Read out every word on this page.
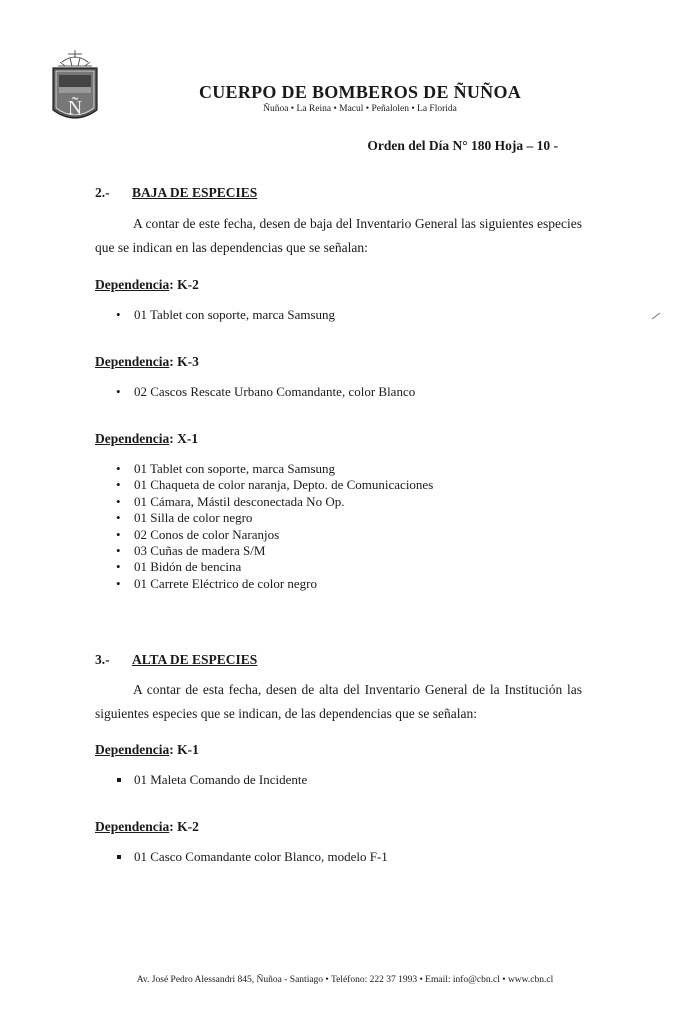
Ñ
CUERPO DE BOMBEROS DE ÑUÑOA
Ñuñoa • La Reina • Macul • Peñalolen • La Florida
Orden del Día N° 180 Hoja – 10 -
2.- BAJA DE ESPECIES
A contar de este fecha, desen de baja del Inventario General las siguientes especies que se indican en las dependencias que se señalan:
Dependencia: K-2
• 01 Tablet con soporte, marca Samsung
Dependencia: K-3
• 02 Cascos Rescate Urbano Comandante, color Blanco
Dependencia: X-1
• 01 Tablet con soporte, marca Samsung
• 01 Chaqueta de color naranja, Depto. de Comunicaciones
• 01 Cámara, Mástil desconectada No Op.
• 01 Silla de color negro
• 02 Conos de color Naranjos
• 03 Cuñas de madera S/M
• 01 Bidón de bencina
• 01 Carrete Eléctrico de color negro
3.- ALTA DE ESPECIES
A contar de esta fecha, desen de alta del Inventario General de la Institución las siguientes especies que se indican, de las dependencias que se señalan:
Dependencia: K-1
01 Maleta Comando de Incidente
Dependencia: K-2
01 Casco Comandante color Blanco, modelo F-1
Av. José Pedro Alessandri 845, Ñuñoa - Santiago • Teléfono: 222 37 1993 • Email: info@cbn.cl • www.cbn.cl
